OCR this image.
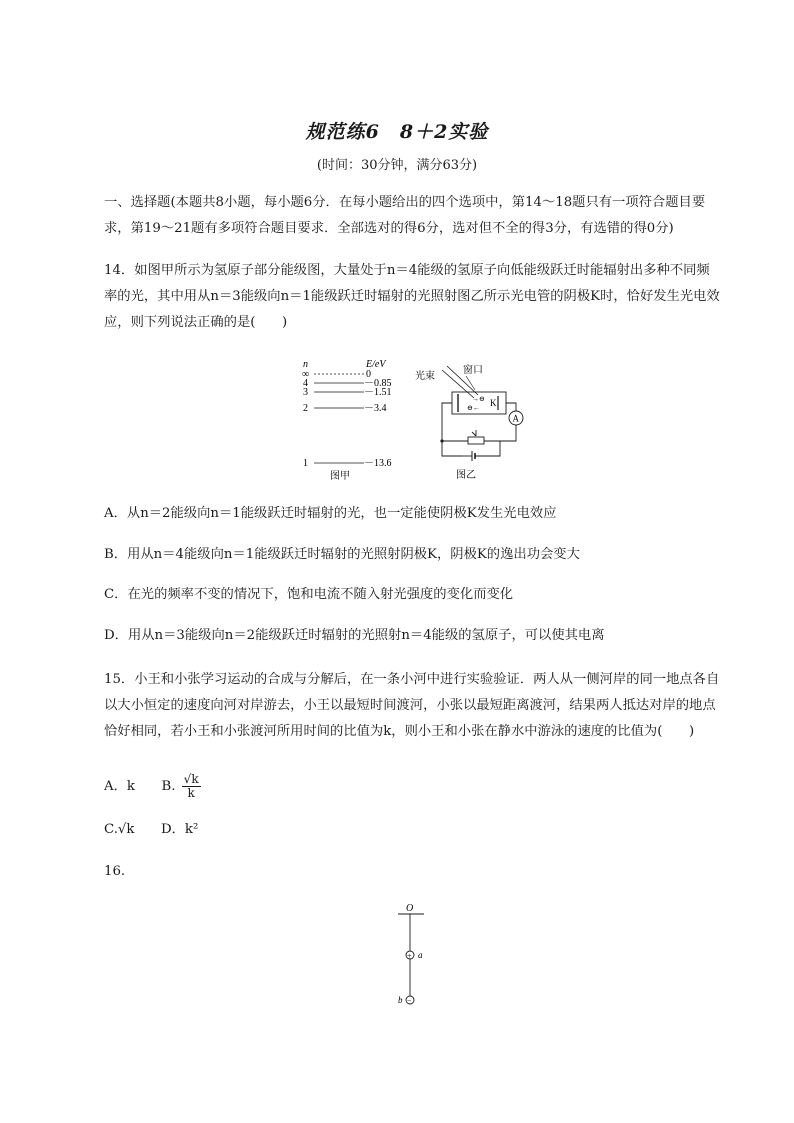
规范练6　8＋2实验
(时间：30分钟，满分63分)
一、选择题(本题共8小题，每小题6分．在每小题给出的四个选项中，第14～18题只有一项符合题目要求，第19～21题有多项符合题目要求．全部选对的得6分，选对但不全的得3分，有选错的得0分)
14．如图甲所示为氢原子部分能级图，大量处于n＝4能级的氢原子向低能级跃迁时能辐射出多种不同频率的光，其中用从n＝3能级向n＝1能级跃迁时辐射的光照射图乙所示光电管的阴极K时，恰好发生光电效应，则下列说法正确的是(　　)
n	E/eV
∞	0
4	－0.85
3	－1.51
2	－3.4
1	－13.6
图甲
光束
窗口
→⊖
⊖← K
A
图乙
A．从n＝2能级向n＝1能级跃迁时辐射的光，也一定能使阴极K发生光电效应
B．用从n＝4能级向n＝1能级跃迁时辐射的光照射阴极K，阴极K的逸出功会变大
C．在光的频率不变的情况下，饱和电流不随入射光强度的变化而变化
D．用从n＝3能级向n＝2能级跃迁时辐射的光照射n＝4能级的氢原子，可以使其电离
15．小王和小张学习运动的合成与分解后，在一条小河中进行实验验证．两人从一侧河岸的同一地点各自以大小恒定的速度向河对岸游去，小王以最短时间渡河，小张以最短距离渡河，结果两人抵达对岸的地点恰好相同，若小王和小张渡河所用时间的比值为k，则小王和小张在静水中游泳的速度的比值为(　　)
A．k B. $\frac{√k}{k}$
C.√k D．k²
16.
O
+ a
−
b
